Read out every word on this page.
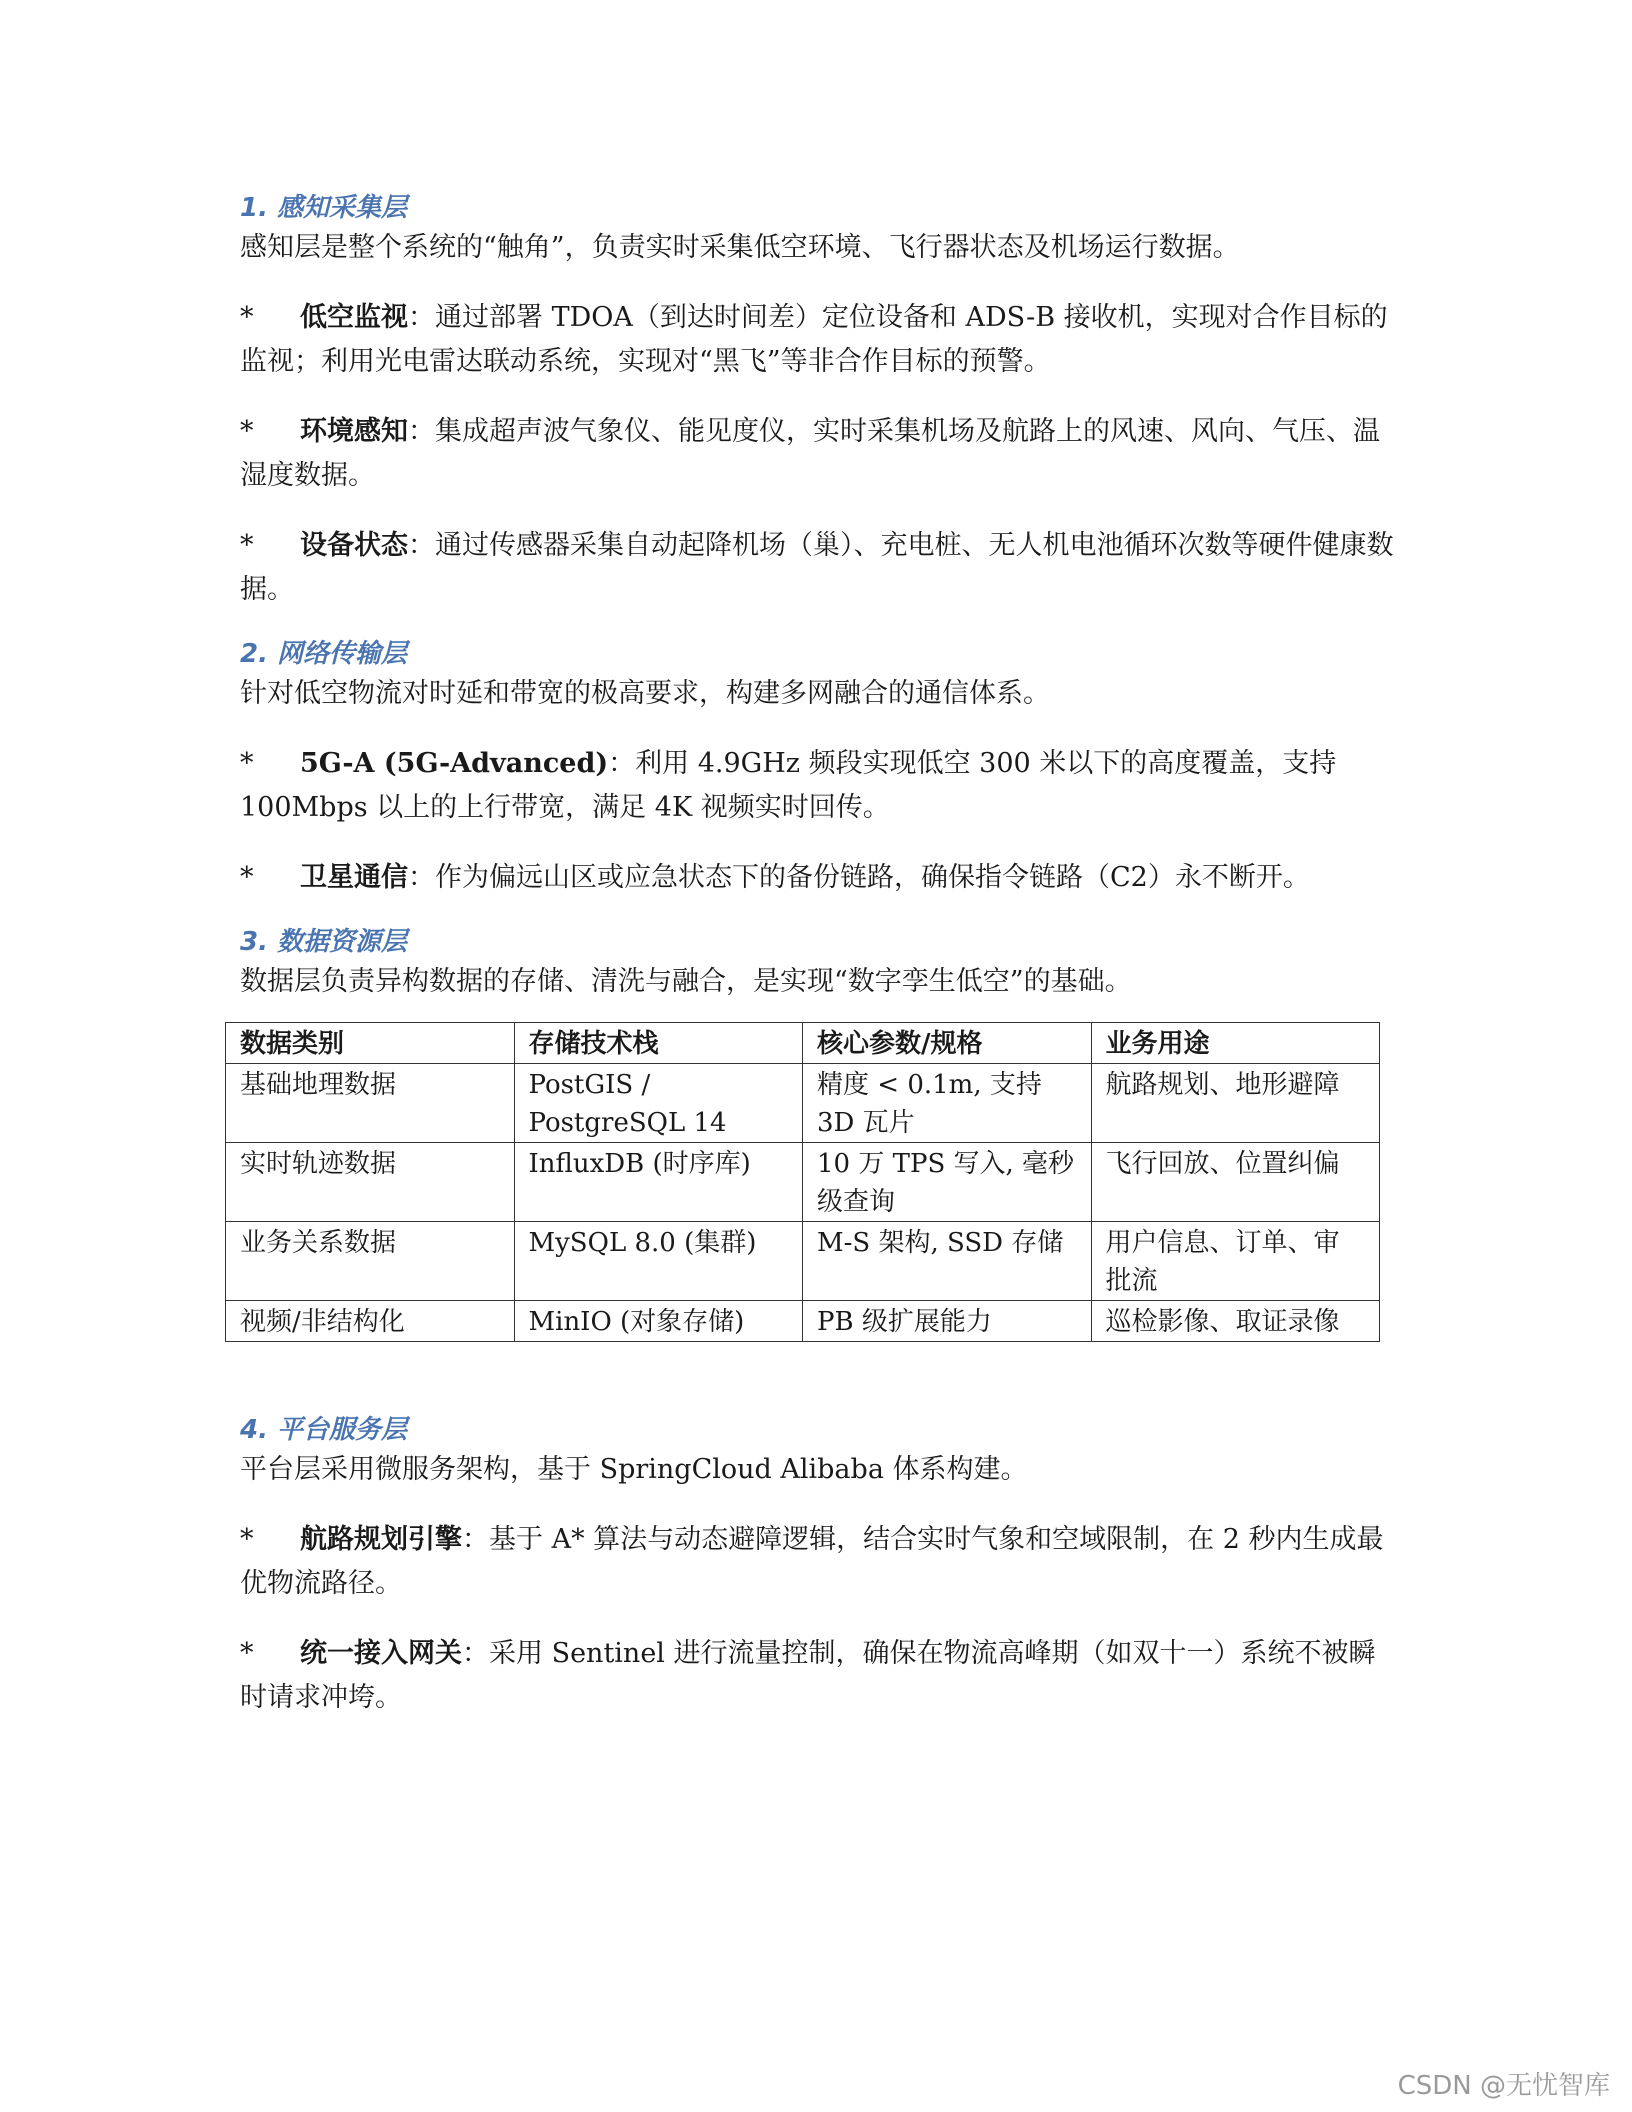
1. 感知采集层

感知层是整个系统的“触角”，负责实时采集低空环境、飞行器状态及机场运行数据。

* 低空监视：通过部署 TDOA（到达时间差）定位设备和 ADS-B 接收机，实现对合作目标的监视；利用光电雷达联动系统，实现对“黑飞”等非合作目标的预警。

* 环境感知：集成超声波气象仪、能见度仪，实时采集机场及航路上的风速、风向、气压、温湿度数据。

* 设备状态：通过传感器采集自动起降机场（巢）、充电桩、无人机电池循环次数等硬件健康数据。

2. 网络传输层

针对低空物流对时延和带宽的极高要求，构建多网融合的通信体系。

* 5G-A (5G-Advanced)：利用 4.9GHz 频段实现低空 300 米以下的高度覆盖，支持 100Mbps 以上的上行带宽，满足 4K 视频实时回传。

* 卫星通信：作为偏远山区或应急状态下的备份链路，确保指令链路（C2）永不断开。

3. 数据资源层

数据层负责异构数据的存储、清洗与融合，是实现“数字孪生低空”的基础。

数据类别	存储技术栈	核心参数/规格	业务用途
基础地理数据	PostGIS / PostgreSQL 14	精度 < 0.1m, 支持 3D 瓦片	航路规划、地形避障
实时轨迹数据	InfluxDB (时序库)	10 万 TPS 写入, 毫秒级查询	飞行回放、位置纠偏
业务关系数据	MySQL 8.0 (集群)	M-S 架构, SSD 存储	用户信息、订单、审批流
视频/非结构化	MinIO (对象存储)	PB 级扩展能力	巡检影像、取证录像
4. 平台服务层

平台层采用微服务架构，基于 SpringCloud Alibaba 体系构建。

* 航路规划引擎：基于 A* 算法与动态避障逻辑，结合实时气象和空域限制，在 2 秒内生成最优物流路径。

* 统一接入网关：采用 Sentinel 进行流量控制，确保在物流高峰期（如双十一）系统不被瞬时请求冲垮。

CSDN @无忧智库
